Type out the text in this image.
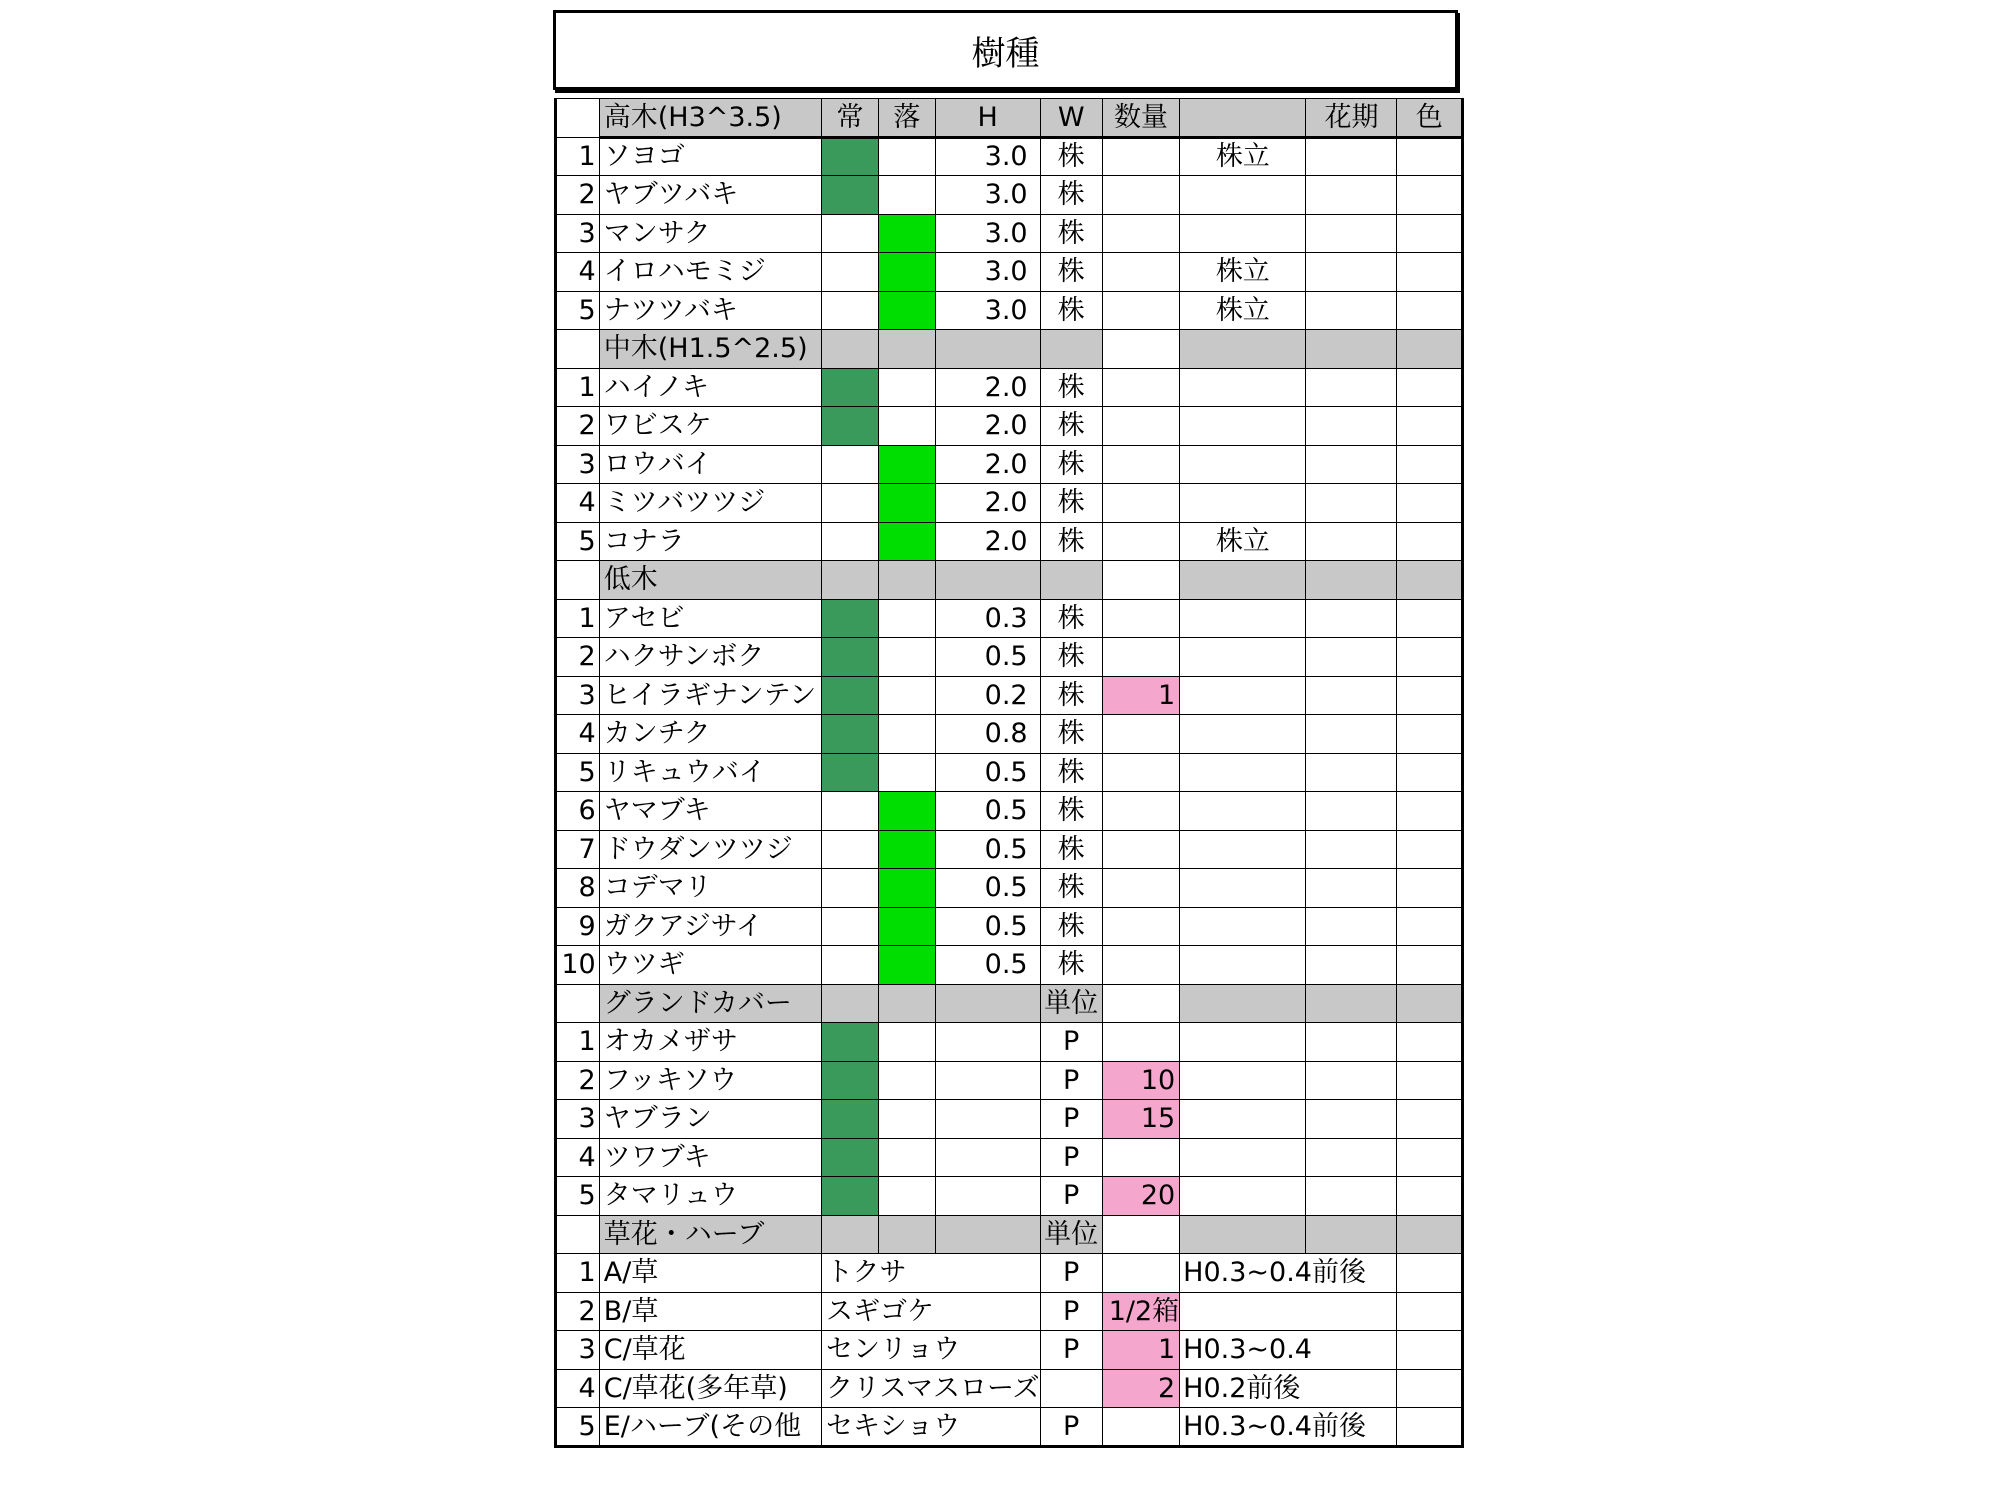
樹種
	高木(H3^3.5)	常	落	H	W	数量		花期	色
1	ソヨゴ			3.0	株		株立		
2	ヤブツバキ			3.0	株				
3	マンサク			3.0	株				
4	イロハモミジ			3.0	株		株立		
5	ナツツバキ			3.0	株		株立		
	中木(H1.5^2.5)								
1	ハイノキ			2.0	株				
2	ワビスケ			2.0	株				
3	ロウバイ			2.0	株				
4	ミツバツツジ			2.0	株				
5	コナラ			2.0	株		株立		
	低木								
1	アセビ			0.3	株				
2	ハクサンボク			0.5	株				
3	ヒイラギナンテン			0.2	株	1			
4	カンチク			0.8	株				
5	リキュウバイ			0.5	株				
6	ヤマブキ			0.5	株				
7	ドウダンツツジ			0.5	株				
8	コデマリ			0.5	株				
9	ガクアジサイ			0.5	株				
10	ウツギ			0.5	株				
	グランドカバー				単位				
1	オカメザサ				P				
2	フッキソウ				P	10			
3	ヤブラン				P	15			
4	ツワブキ				P				
5	タマリュウ				P	20			
	草花・ハーブ				単位				
1	A/草	トクサ			P		H0.3~0.4前後		
2	B/草	スギゴケ			P	1/2箱			
3	C/草花	センリョウ			P	1	H0.3~0.4		
4	C/草花(多年草)	クリスマスローズ				2	H0.2前後		
5	E/ハーブ(その他	セキショウ			P		H0.3~0.4前後		
